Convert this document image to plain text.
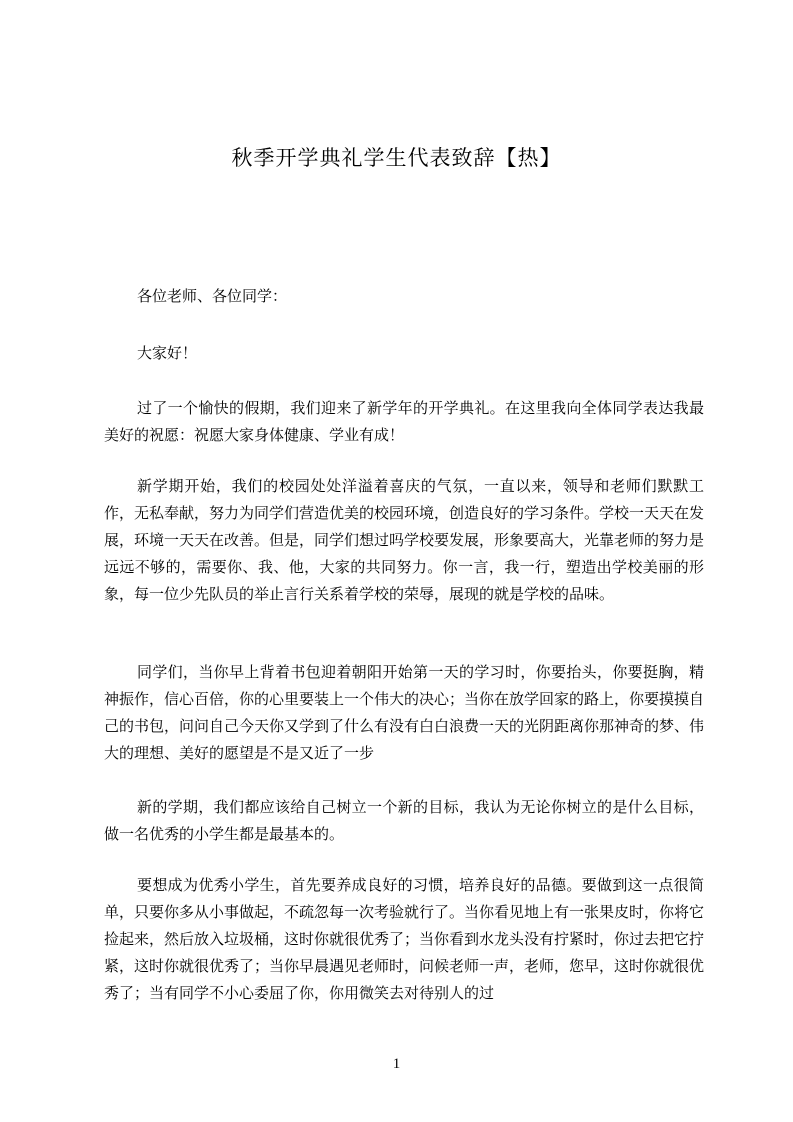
秋季开学典礼学生代表致辞【热】

各位老师、各位同学：

大家好！

过了一个愉快的假期，我们迎来了新学年的开学典礼。在这里我向全体同学表达我最美好的祝愿：祝愿大家身体健康、学业有成！

新学期开始，我们的校园处处洋溢着喜庆的气氛，一直以来，领导和老师们默默工作，无私奉献，努力为同学们营造优美的校园环境，创造良好的学习条件。学校一天天在发展，环境一天天在改善。但是，同学们想过吗学校要发展，形象要高大，光靠老师的努力是远远不够的，需要你、我、他，大家的共同努力。你一言，我一行，塑造出学校美丽的形象，每一位少先队员的举止言行关系着学校的荣辱，展现的就是学校的品味。

同学们，当你早上背着书包迎着朝阳开始第一天的学习时，你要抬头，你要挺胸，精神振作，信心百倍，你的心里要装上一个伟大的决心；当你在放学回家的路上，你要摸摸自己的书包，问问自己今天你又学到了什么有没有白白浪费一天的光阴距离你那神奇的梦、伟大的理想、美好的愿望是不是又近了一步

新的学期，我们都应该给自己树立一个新的目标，我认为无论你树立的是什么目标，做一名优秀的小学生都是最基本的。

要想成为优秀小学生，首先要养成良好的习惯，培养良好的品德。要做到这一点很简单，只要你多从小事做起，不疏忽每一次考验就行了。当你看见地上有一张果皮时，你将它捡起来，然后放入垃圾桶，这时你就很优秀了；当你看到水龙头没有拧紧时，你过去把它拧紧，这时你就很优秀了；当你早晨遇见老师时，问候老师一声，老师，您早，这时你就很优秀了；当有同学不小心委屈了你，你用微笑去对待别人的过

1
